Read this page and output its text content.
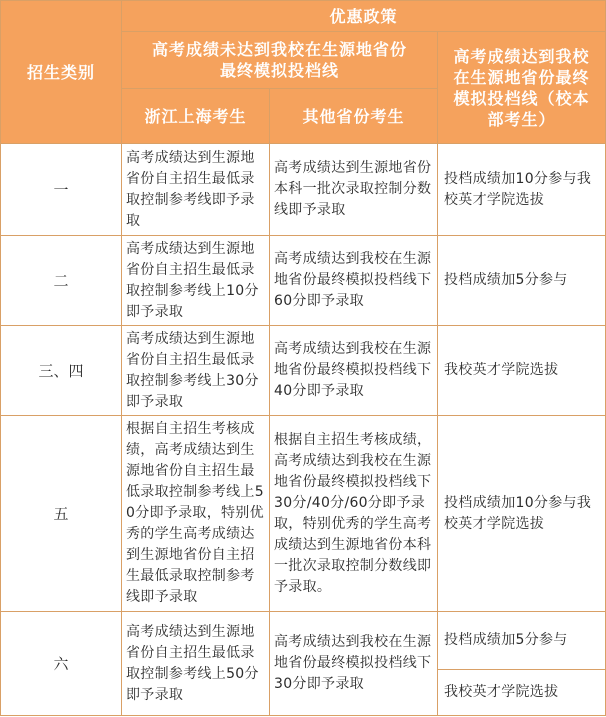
招生类别	优惠政策		
	高考成绩未达到我校在生源地省份最终模拟投档线		高考成绩达到我校在生源地省份最终模拟投档线（校本部考生）
	浙江上海考生	其他省份考生	
一	高考成绩达到生源地省份自主招生最低录取控制参考线即予录取	高考成绩达到生源地省份本科一批次录取控制分数线即予录取	投档成绩加10分参与我校英才学院选拔
二	高考成绩达到生源地省份自主招生最低录取控制参考线上10分即予录取	高考成绩达到我校在生源地省份最终模拟投档线下60分即予录取	投档成绩加5分参与
三、四	高考成绩达到生源地省份自主招生最低录取控制参考线上30分即予录取	高考成绩达到我校在生源地省份最终模拟投档线下40分即予录取	我校英才学院选拔
五	根据自主招生考核成绩，高考成绩达到生源地省份自主招生最低录取控制参考线上50分即予录取，特别优秀的学生高考成绩达到生源地省份自主招生最低录取控制参考线即予录取	根据自主招生考核成绩，高考成绩达到我校在生源地省份最终模拟投档线下30分/40分/60分即予录取，特别优秀的学生高考成绩达到生源地省份本科一批次录取控制分数线即予录取。	投档成绩加10分参与我校英才学院选拔
六	高考成绩达到生源地省份自主招生最低录取控制参考线上50分即予录取	高考成绩达到我校在生源地省份最终模拟投档线下30分即予录取	投档成绩加5分参与
			我校英才学院选拔
